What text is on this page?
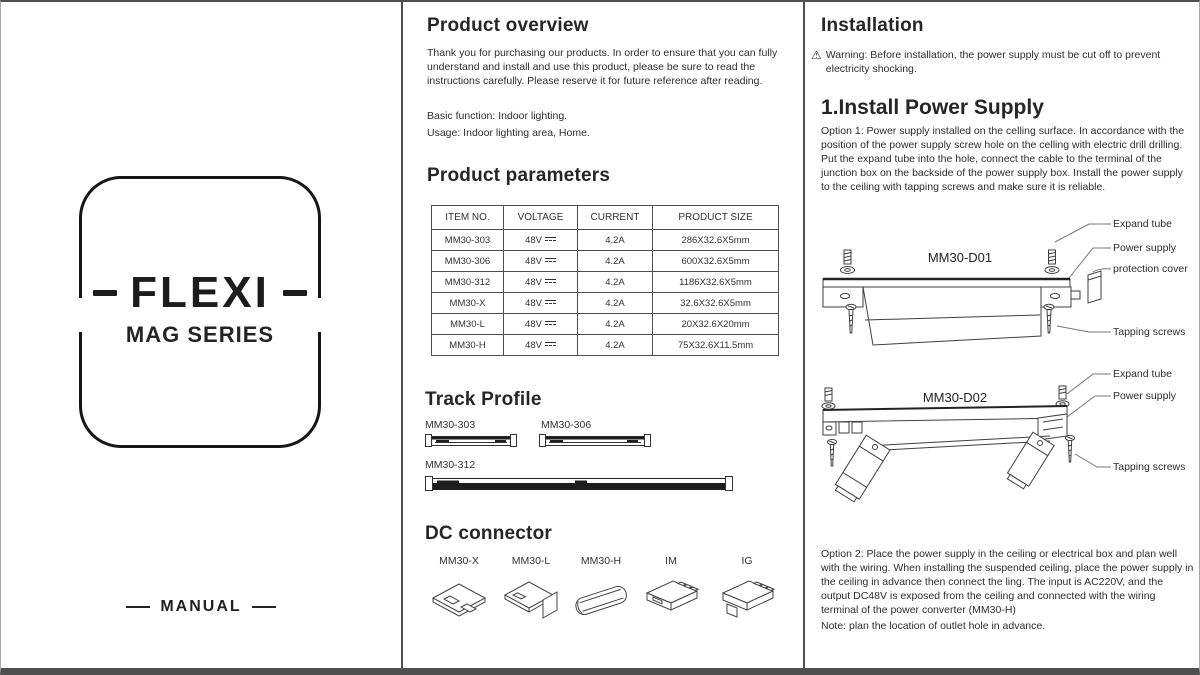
FLEXI
MAG SERIES
MANUAL
Product overview
Thank you for purchasing our products. In order to ensure that you can fully understand and install and use this product, please be sure to read the instructions carefully. Please reserve it for future reference after reading.
Basic function: Indoor lighting.
Usage: Indoor lighting area, Home.
Product parameters
ITEM NO.	VOLTAGE	CURRENT	PRODUCT SIZE
MM30-303	48V	4.2A	286X32.6X5mm
MM30-306	48V	4.2A	600X32.6X5mm
MM30-312	48V	4.2A	1186X32.6X5mm
MM30-X	48V	4.2A	32.6X32.6X5mm
MM30-L	48V	4.2A	20X32.6X20mm
MM30-H	48V	4.2A	75X32.6X11.5mm
Track Profile
MM30-303	MM30-306
MM30-312
DC connector
MM30-X	MM30-L	MM30-H	IM	IG
Installation
⚠ Warning: Before installation, the power supply must be cut off to prevent electricity shocking.
1.Install Power Supply
Option 1: Power supply installed on the celling surface. In accordance with the position of the power supply screw hole on the celling with electric drill drilling. Put the expand tube into the hole, connect the cable to the terminal of the junction box on the backside of the power supply box. Install the power supply to the ceiling with tapping screws and make sure it is reliable.
MM30-D01
Expand tube
Power supply
protection cover
Tapping screws
MM30-D02
Expand tube
Power supply
Tapping screws
Option 2: Place the power supply in the ceiling or electrical box and plan well with the wiring. When installing the suspended ceiling, place the power supply in the ceiling in advance then connect the ling. The input is AC220V, and the output DC48V is exposed from the ceiling and connected with the wiring terminal of the power converter (MM30-H)
Note: plan the location of outlet hole in advance.
